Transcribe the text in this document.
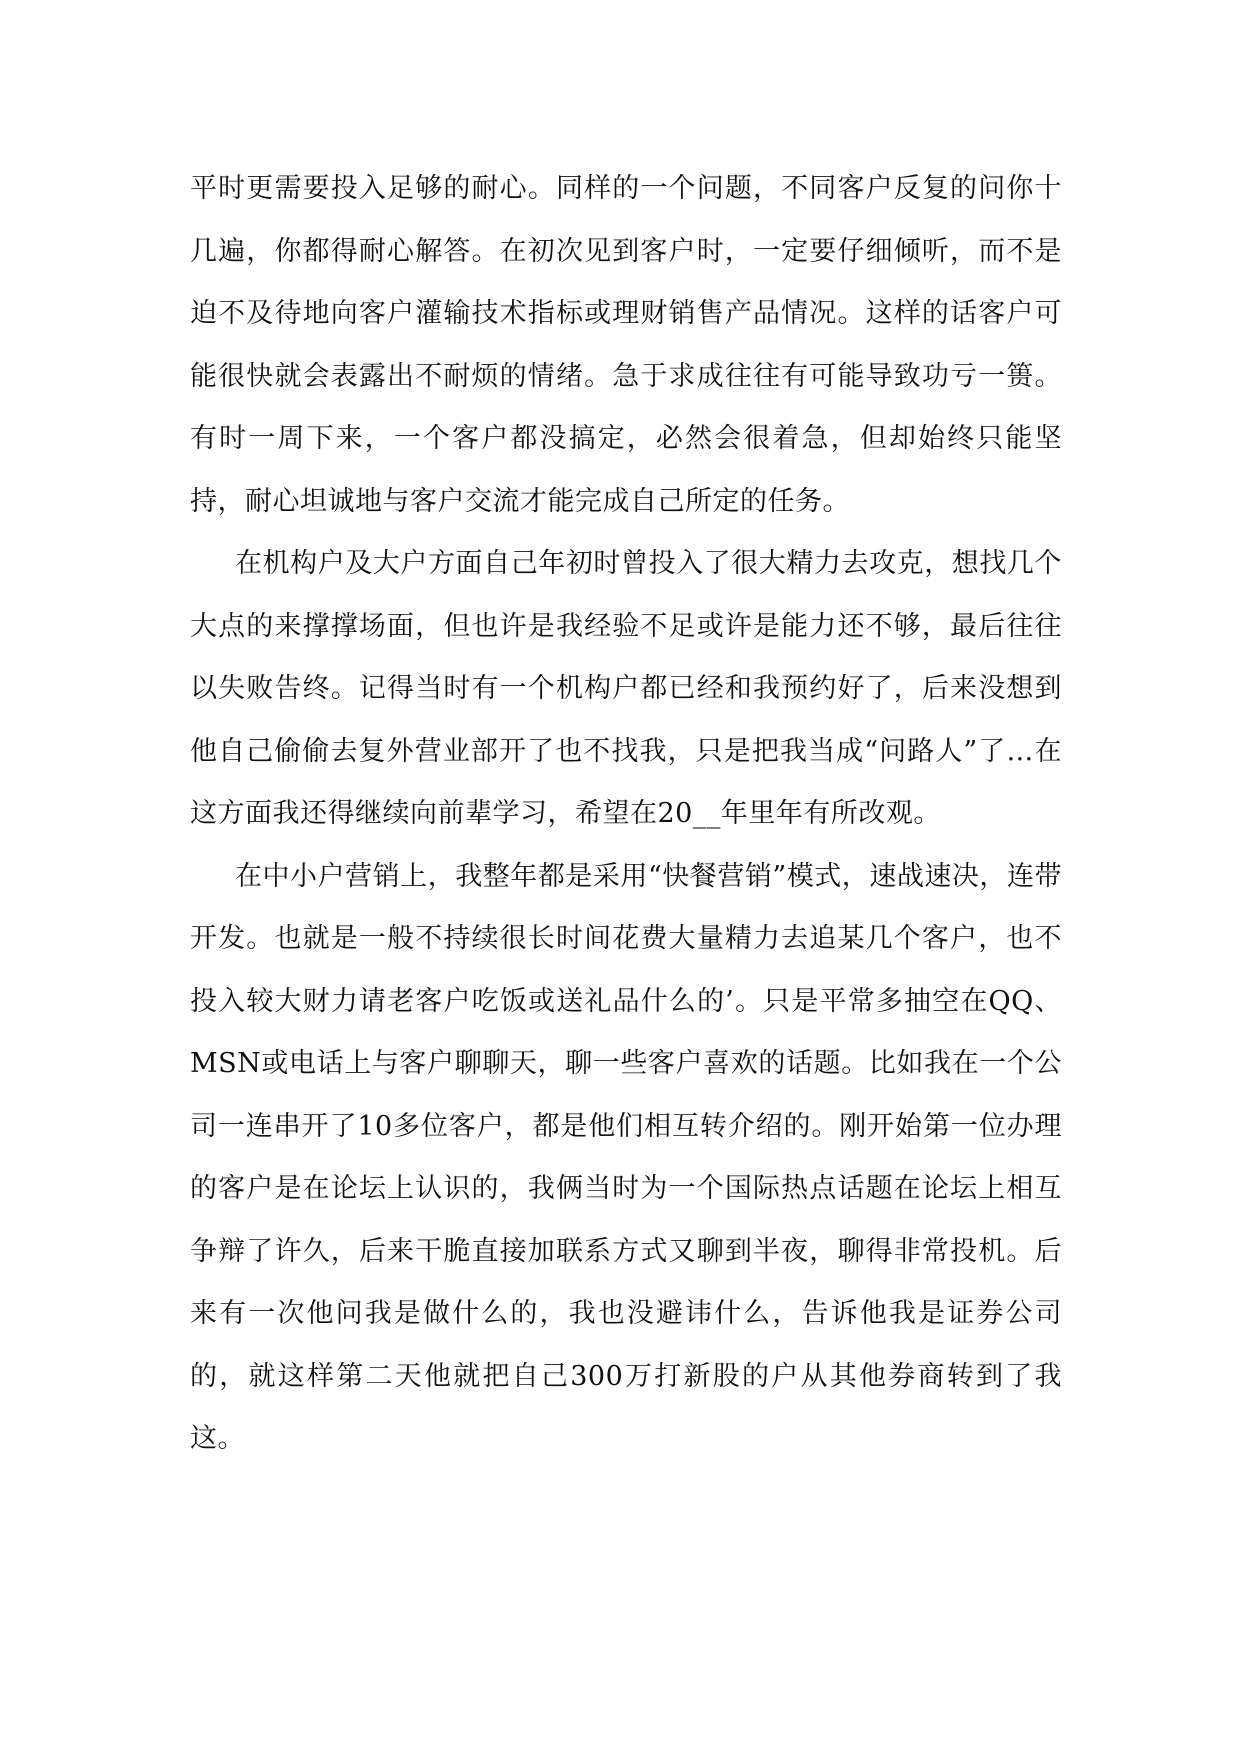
平时更需要投入足够的耐心。同样的一个问题，不同客户反复的问你十几遍，你都得耐心解答。在初次见到客户时，一定要仔细倾听，而不是迫不及待地向客户灌输技术指标或理财销售产品情况。这样的话客户可能很快就会表露出不耐烦的情绪。急于求成往往有可能导致功亏一篑。有时一周下来，一个客户都没搞定，必然会很着急，但却始终只能坚持，耐心坦诚地与客户交流才能完成自己所定的任务。

在机构户及大户方面自己年初时曾投入了很大精力去攻克，想找几个大点的来撑撑场面，但也许是我经验不足或许是能力还不够，最后往往以失败告终。记得当时有一个机构户都已经和我预约好了，后来没想到他自己偷偷去复外营业部开了也不找我，只是把我当成“问路人”了…在这方面我还得继续向前辈学习，希望在20__年里年有所改观。

在中小户营销上，我整年都是采用“快餐营销”模式，速战速决，连带开发。也就是一般不持续很长时间花费大量精力去追某几个客户，也不投入较大财力请老客户吃饭或送礼品什么的’。只是平常多抽空在QQ、MSN或电话上与客户聊聊天，聊一些客户喜欢的话题。比如我在一个公司一连串开了10多位客户，都是他们相互转介绍的。刚开始第一位办理的客户是在论坛上认识的，我俩当时为一个国际热点话题在论坛上相互争辩了许久，后来干脆直接加联系方式又聊到半夜，聊得非常投机。后来有一次他问我是做什么的，我也没避讳什么，告诉他我是证券公司的，就这样第二天他就把自己300万打新股的户从其他券商转到了我这。
